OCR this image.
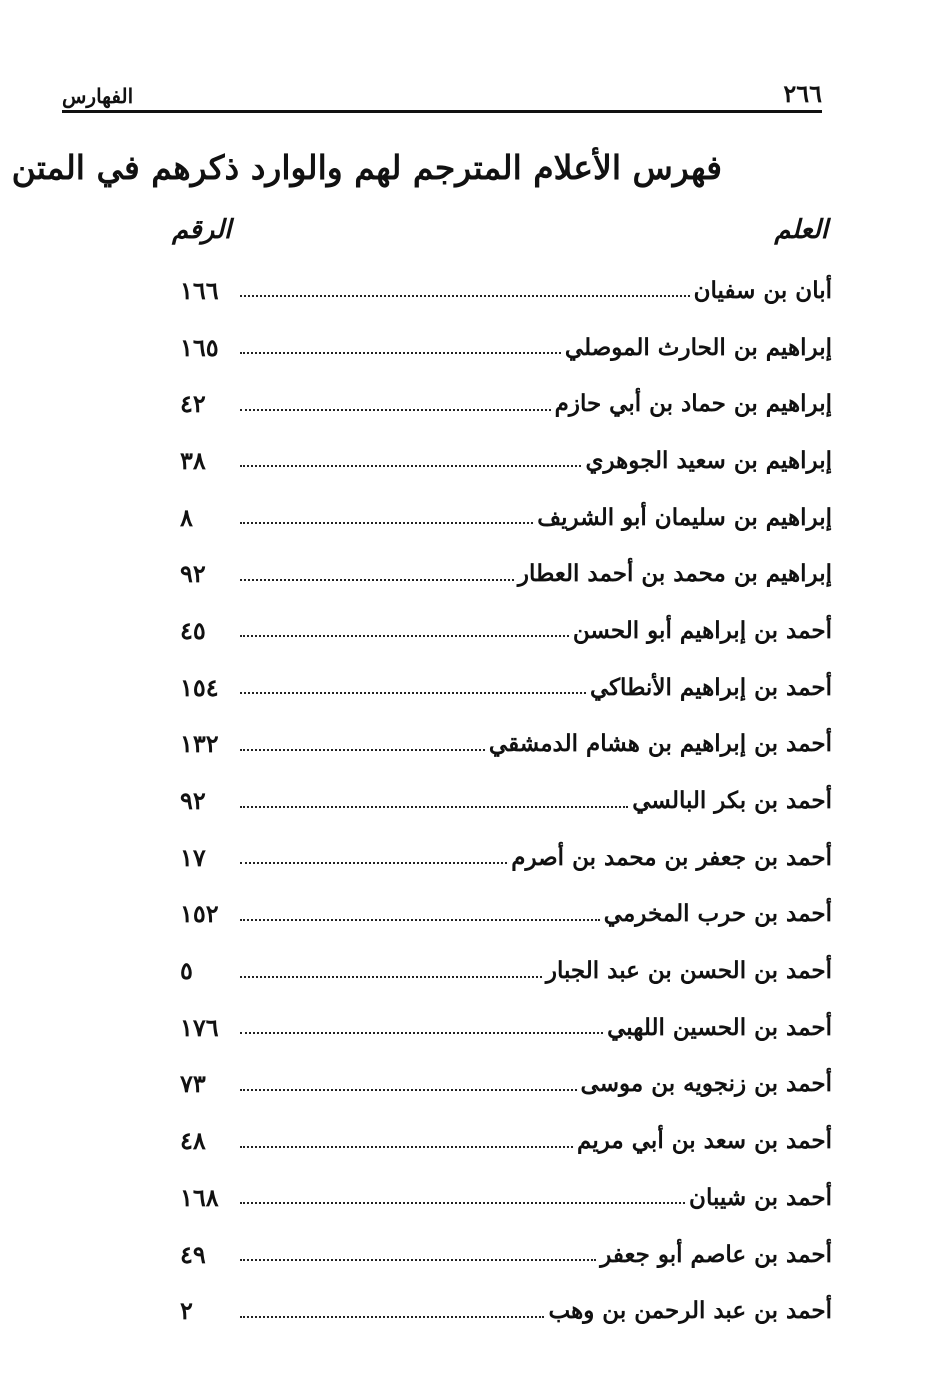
٢٦٦
الفهارس
فهرس الأعلام المترجم لهم والوارد ذكرهم في المتن
العلم
الرقم
أبان بن سفيان
١٦٦
إبراهيم بن الحارث الموصلي
١٦٥
إبراهيم بن حماد بن أبي حازم
٤٢
إبراهيم بن سعيد الجوهري
٣٨
إبراهيم بن سليمان أبو الشريف
٨
إبراهيم بن محمد بن أحمد العطار
٩٢
أحمد بن إبراهيم أبو الحسن
٤٥
أحمد بن إبراهيم الأنطاكي
١٥٤
أحمد بن إبراهيم بن هشام الدمشقي
١٣٢
أحمد بن بكر البالسي
٩٢
أحمد بن جعفر بن محمد بن أصرم
١٧
أحمد بن حرب المخرمي
١٥٢
أحمد بن الحسن بن عبد الجبار
٥
أحمد بن الحسين اللهبي
١٧٦
أحمد بن زنجويه بن موسى
٧٣
أحمد بن سعد بن أبي مريم
٤٨
أحمد بن شيبان
١٦٨
أحمد بن عاصم أبو جعفر
٤٩
أحمد بن عبد الرحمن بن وهب
٢
